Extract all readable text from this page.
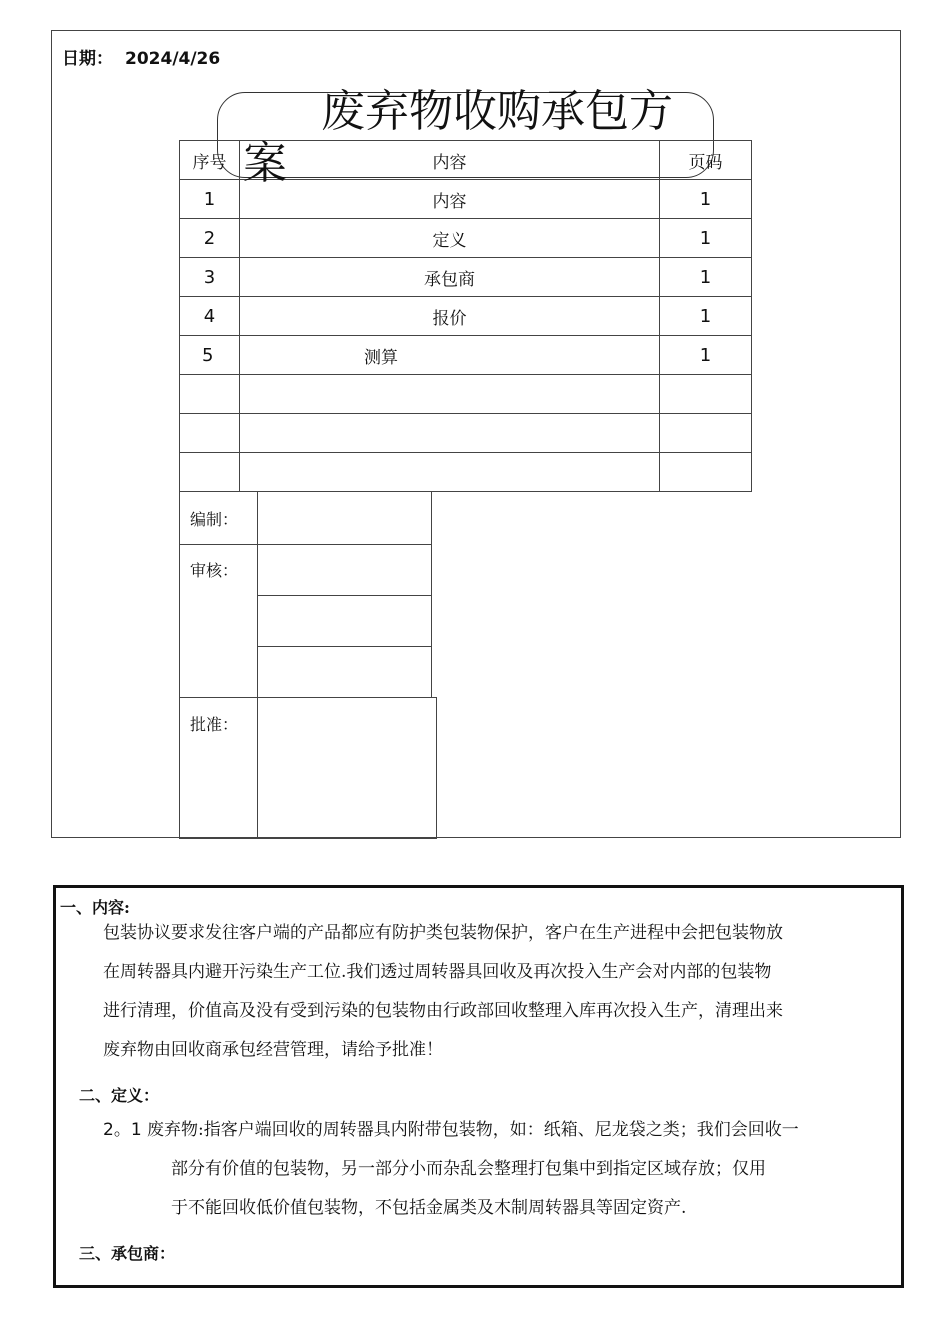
日期： 2024/4/26
废弃物收购承包方
案
序号	内容	页码
1	内容	1
2	定义	1
3	承包商	1
4	报价	1
5	测算	1

编制：
审核：
批准：
一、内容:
包装协议要求发往客户端的产品都应有防护类包装物保护，客户在生产进程中会把包装物放
在周转器具内避开污染生产工位.我们透过周转器具回收及再次投入生产会对内部的包装物
进行清理，价值高及没有受到污染的包装物由行政部回收整理入库再次投入生产，清理出来
废弃物由回收商承包经营管理，请给予批准！
二、定义：
2。1 废弃物:指客户端回收的周转器具内附带包装物，如：纸箱、尼龙袋之类；我们会回收一
部分有价值的包装物，另一部分小而杂乱会整理打包集中到指定区域存放；仅用
于不能回收低价值包装物，不包括金属类及木制周转器具等固定资产.
三、承包商：
